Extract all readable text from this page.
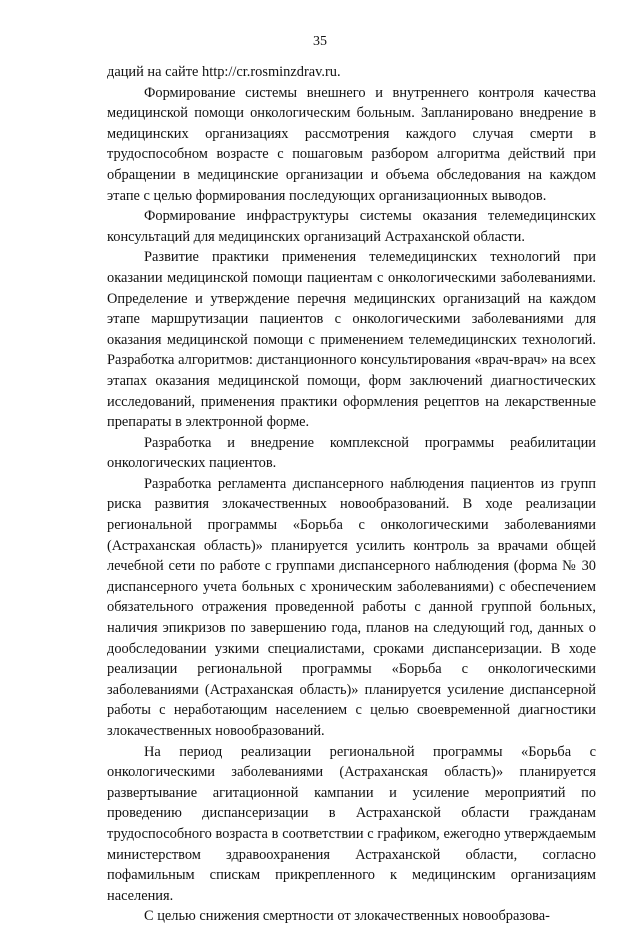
35

даций на сайте http://cr.rosminzdrav.ru.

Формирование системы внешнего и внутреннего контроля качества медицинской помощи онкологическим больным. Запланировано внедрение в медицинских организациях рассмотрения каждого случая смерти в трудоспособном возрасте с пошаговым разбором алгоритма действий при обращении в медицинские организации и объема обследования на каждом этапе с целью формирования последующих организационных выводов.

Формирование инфраструктуры системы оказания телемедицинских консультаций для медицинских организаций Астраханской области.

Развитие практики применения телемедицинских технологий при оказании медицинской помощи пациентам с онкологическими заболеваниями. Определение и утверждение перечня медицинских организаций на каждом этапе маршрутизации пациентов с онкологическими заболеваниями для оказания медицинской помощи с применением телемедицинских технологий. Разработка алгоритмов: дистанционного консультирования «врач-врач» на всех этапах оказания медицинской помощи, форм заключений диагностических исследований, применения практики оформления рецептов на лекарственные препараты в электронной форме.

Разработка и внедрение комплексной программы реабилитации онкологических пациентов.

Разработка регламента диспансерного наблюдения пациентов из групп риска развития злокачественных новообразований. В ходе реализации региональной программы «Борьба с онкологическими заболеваниями (Астраханская область)» планируется усилить контроль за врачами общей лечебной сети по работе с группами диспансерного наблюдения (форма № 30 диспансерного учета больных с хроническим заболеваниями) с обеспечением обязательного отражения проведенной работы с данной группой больных, наличия эпикризов по завершению года, планов на следующий год, данных о дообследовании узкими специалистами, сроками диспансеризации. В ходе реализации региональной программы «Борьба с онкологическими заболеваниями (Астраханская область)» планируется усиление диспансерной работы с неработающим населением с целью своевременной диагностики злокачественных новообразований.

На период реализации региональной программы «Борьба с онкологическими заболеваниями (Астраханская область)» планируется развертывание агитационной кампании и усиление мероприятий по проведению диспансеризации в Астраханской области гражданам трудоспособного возраста в соответствии с графиком, ежегодно утверждаемым министерством здравоохранения Астраханской области, согласно пофамильным спискам прикрепленного к медицинским организациям населения.

С целью снижения смертности от злокачественных новообразова-
